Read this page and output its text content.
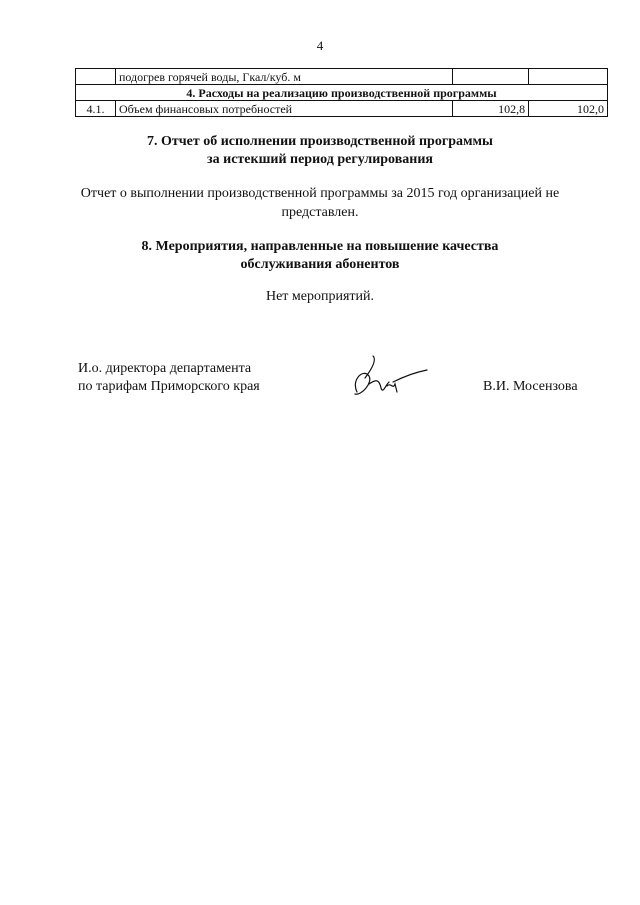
4
	подогрев горячей воды, Гкал/куб. м		
4. Расходы на реализацию производственной программы			
4.1.	Объем финансовых потребностей	102,8	102,0
7. Отчет об исполнении производственной программы
за истекший период регулирования
Отчет о выполнении производственной программы за 2015 год организацией не
представлен.
8. Мероприятия, направленные на повышение качества
обслуживания абонентов
Нет мероприятий.
И.о. директора департамента
по тарифам Приморского края	В.И. Мосензова
